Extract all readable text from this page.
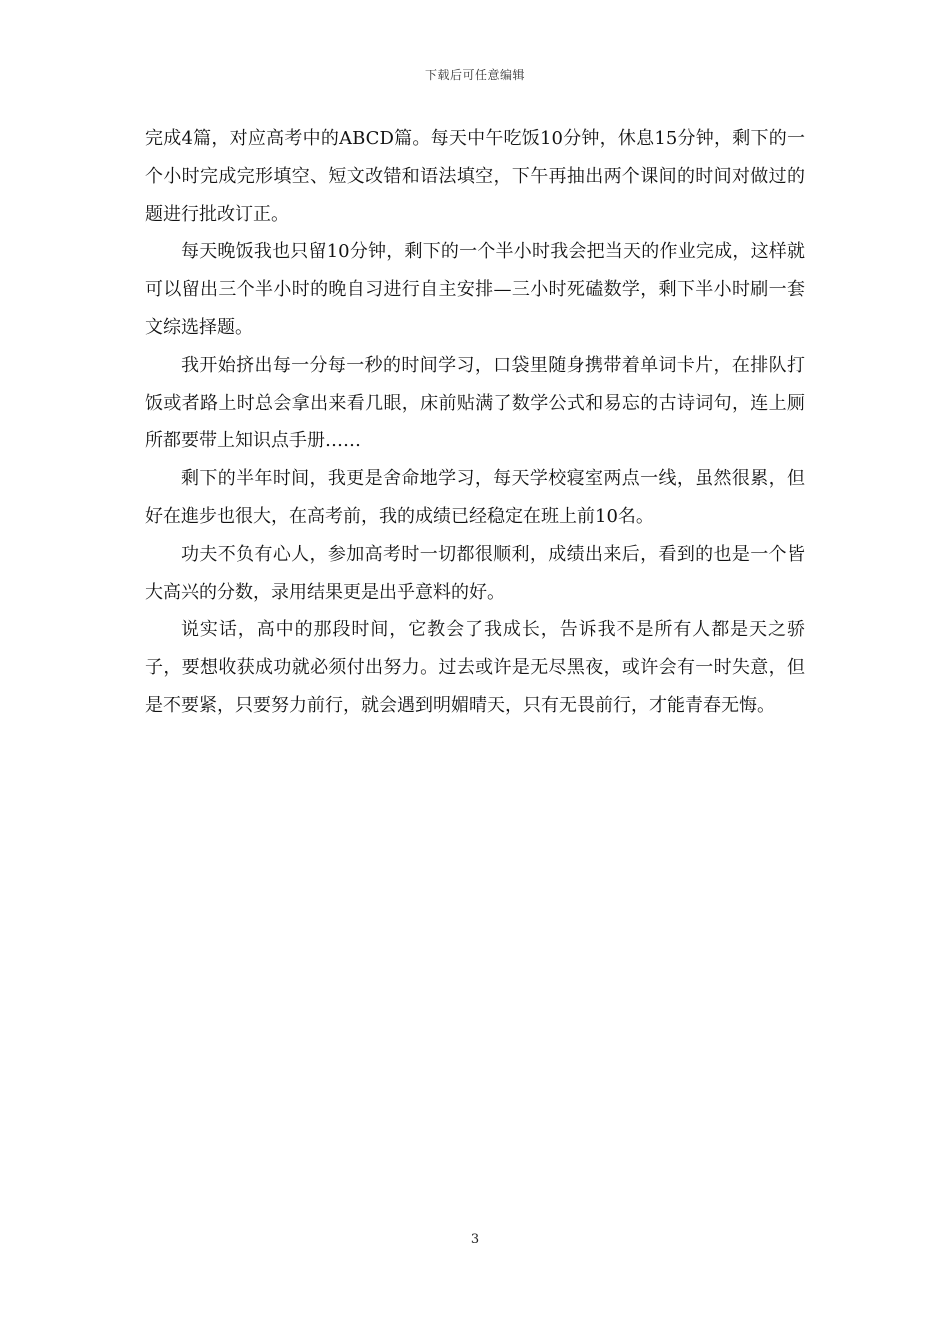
下载后可任意编辑

完成4篇，对应高考中的ABCD篇。每天中午吃饭10分钟，休息15分钟，剩下的一个小时完成完形填空、短文改错和语法填空，下午再抽出两个课间的时间对做过的题进行批改订正。

每天晚饭我也只留10分钟，剩下的一个半小时我会把当天的作业完成，这样就可以留出三个半小时的晚自习进行自主安排—三小时死磕数学，剩下半小时刷一套文综选择题。

我开始挤出每一分每一秒的时间学习，口袋里随身携带着单词卡片，在排队打饭或者路上时总会拿出来看几眼，床前贴满了数学公式和易忘的古诗词句，连上厕所都要带上知识点手册……

剩下的半年时间，我更是舍命地学习，每天学校寝室两点一线，虽然很累，但好在進步也很大，在高考前，我的成绩已经稳定在班上前10名。

功夫不负有心人，参加高考时一切都很顺利，成绩出来后，看到的也是一个皆大高兴的分数，录用结果更是出乎意料的好。

说实话，高中的那段时间，它教会了我成长，告诉我不是所有人都是天之骄子，要想收获成功就必须付出努力。过去或许是无尽黑夜，或许会有一时失意，但是不要紧，只要努力前行，就会遇到明媚晴天，只有无畏前行，才能青春无悔。

3
